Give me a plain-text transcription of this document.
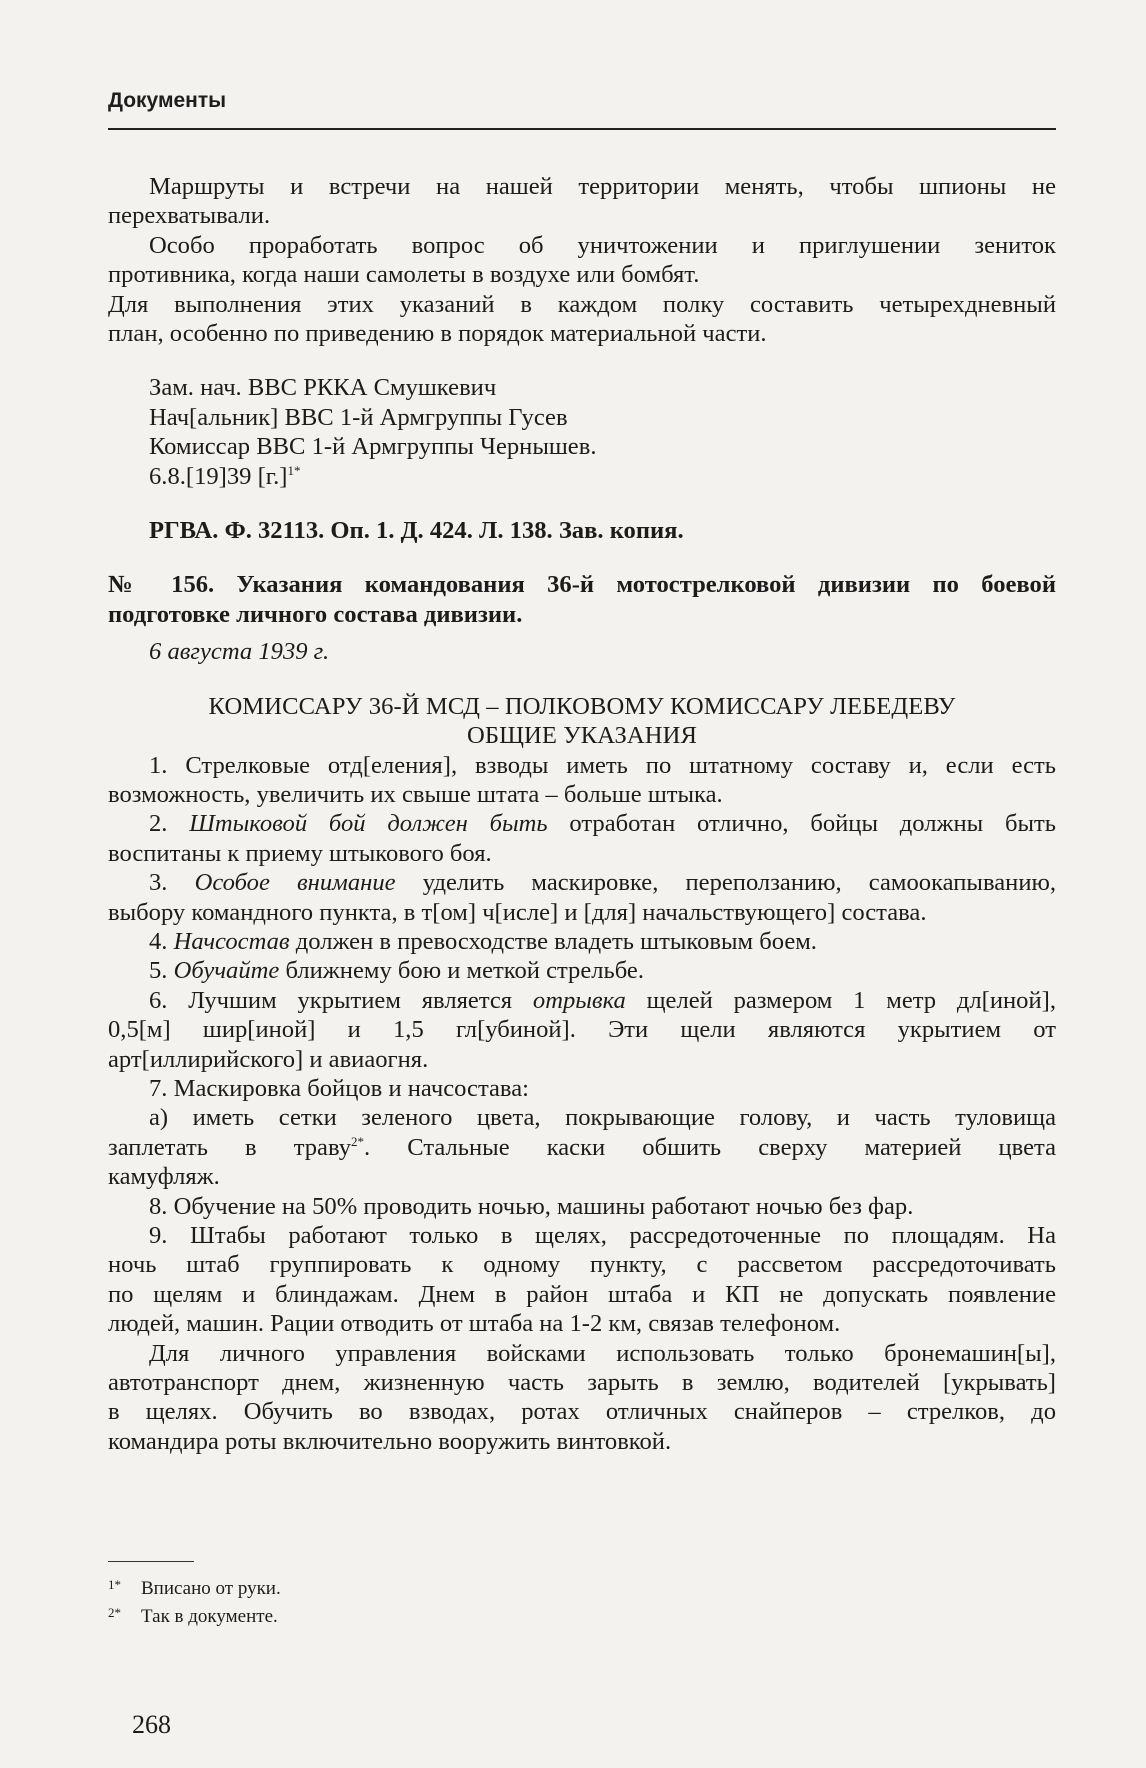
Документы

Маршруты и встречи на нашей территории менять, чтобы шпионы не

перехватывали.

Особо проработать вопрос об уничтожении и приглушении зениток

противника, когда наши самолеты в воздухе или бомбят.

Для выполнения этих указаний в каждом полку составить четырехдневный

план, особенно по приведению в порядок материальной части.

Зам. нач. ВВС РККА Смушкевич

Нач[альник] ВВС 1-й Армгруппы Гусев

Комиссар ВВС 1-й Армгруппы Чернышев.

6.8.[19]39 [г.]$^{1*}$

РГВА. Ф. 32113. Оп. 1. Д. 424. Л. 138. Зав. копия.

№ 156. Указания командования 36-й мотострелковой дивизии по боевой

подготовке личного состава дивизии.

6 августа 1939 г.

КОМИССАРУ 36-Й МСД – ПОЛКОВОМУ КОМИССАРУ ЛЕБЕДЕВУ

ОБЩИЕ УКАЗАНИЯ

1. Стрелковые отд[еления], взводы иметь по штатному составу и, если есть

возможность, увеличить их свыше штата – больше штыка.

2. Штыковой бой должен быть отработан отлично, бойцы должны быть

воспитаны к приему штыкового боя.

3. Особое внимание уделить маскировке, переползанию, самоокапыванию,

выбору командного пункта, в т[ом] ч[исле] и [для] начальствующего] состава.

4. Начсостав должен в превосходстве владеть штыковым боем.

5. Обучайте ближнему бою и меткой стрельбе.

6. Лучшим укрытием является отрывка щелей размером 1 метр дл[иной],

0,5[м] шир[иной] и 1,5 гл[убиной]. Эти щели являются укрытием от

арт[иллирийского] и авиаогня.

7. Маскировка бойцов и начсостава:

а) иметь сетки зеленого цвета, покрывающие голову, и часть туловища

заплетать в траву$^{2*}$. Стальные каски обшить сверху материей цвета

камуфляж.

8. Обучение на 50% проводить ночью, машины работают ночью без фар.

9. Штабы работают только в щелях, рассредоточенные по площадям. На

ночь штаб группировать к одному пункту, с рассветом рассредоточивать

по щелям и блиндажам. Днем в район штаба и КП не допускать появление

людей, машин. Рации отводить от штаба на 1-2 км, связав телефоном.

Для личного управления войсками использовать только бронемашин[ы],

автотранспорт днем, жизненную часть зарыть в землю, водителей [укрывать]

в щелях. Обучить во взводах, ротах отличных снайперов – стрелков, до

командира роты включительно вооружить винтовкой.

1* Вписано от руки.

2* Так в документе.

268
